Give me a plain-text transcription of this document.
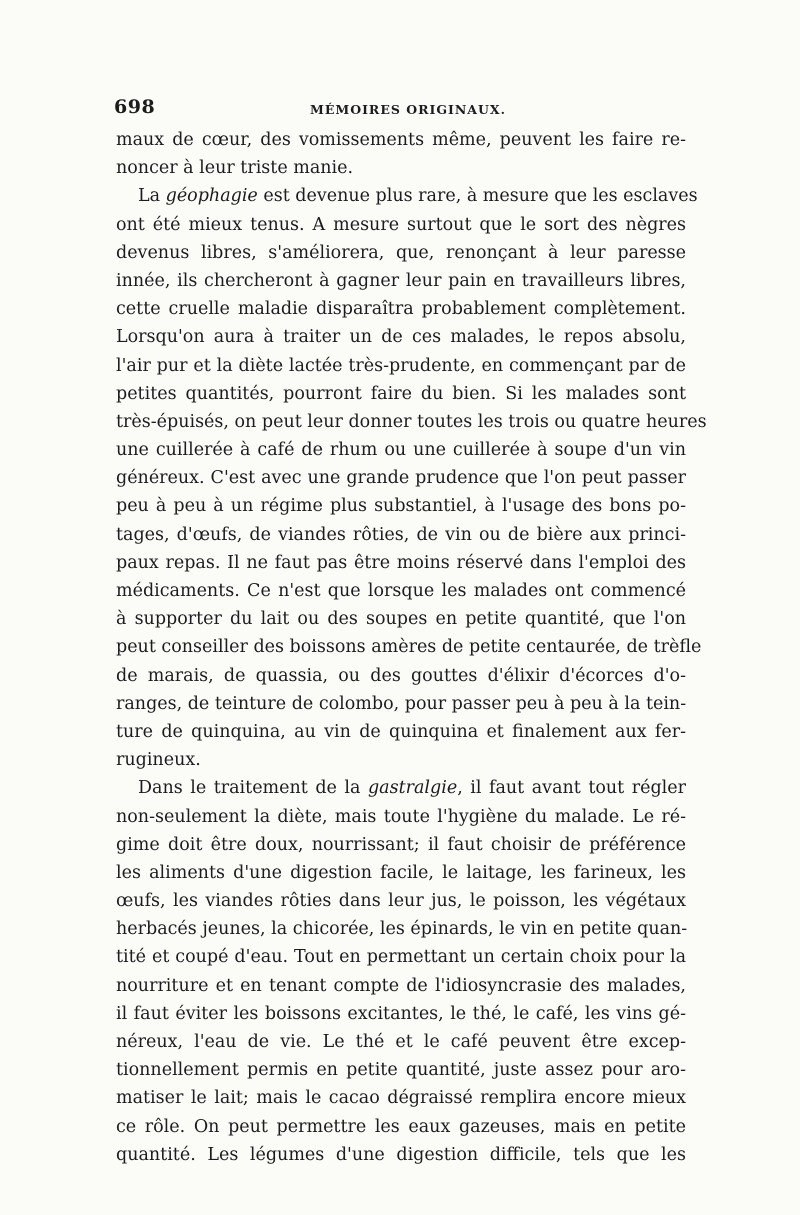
698	MÉMOIRES ORIGINAUX.
maux de cœur, des vomissements même, peuvent les faire re-
noncer à leur triste manie.
La géophagie est devenue plus rare, à mesure que les esclaves
ont été mieux tenus. A mesure surtout que le sort des nègres
devenus libres, s'améliorera, que, renonçant à leur paresse
innée, ils chercheront à gagner leur pain en travailleurs libres,
cette cruelle maladie disparaîtra probablement complètement.
Lorsqu'on aura à traiter un de ces malades, le repos absolu,
l'air pur et la diète lactée très-prudente, en commençant par de
petites quantités, pourront faire du bien. Si les malades sont
très-épuisés, on peut leur donner toutes les trois ou quatre heures
une cuillerée à café de rhum ou une cuillerée à soupe d'un vin
généreux. C'est avec une grande prudence que l'on peut passer
peu à peu à un régime plus substantiel, à l'usage des bons po-
tages, d'œufs, de viandes rôties, de vin ou de bière aux princi-
paux repas. Il ne faut pas être moins réservé dans l'emploi des
médicaments. Ce n'est que lorsque les malades ont commencé
à supporter du lait ou des soupes en petite quantité, que l'on
peut conseiller des boissons amères de petite centaurée, de trèfle
de marais, de quassia, ou des gouttes d'élixir d'écorces d'o-
ranges, de teinture de colombo, pour passer peu à peu à la tein-
ture de quinquina, au vin de quinquina et finalement aux fer-
rugineux.
Dans le traitement de la gastralgie, il faut avant tout régler
non-seulement la diète, mais toute l'hygiène du malade. Le ré-
gime doit être doux, nourrissant; il faut choisir de préférence
les aliments d'une digestion facile, le laitage, les farineux, les
œufs, les viandes rôties dans leur jus, le poisson, les végétaux
herbacés jeunes, la chicorée, les épinards, le vin en petite quan-
tité et coupé d'eau. Tout en permettant un certain choix pour la
nourriture et en tenant compte de l'idiosyncrasie des malades,
il faut éviter les boissons excitantes, le thé, le café, les vins gé-
néreux, l'eau de vie. Le thé et le café peuvent être excep-
tionnellement permis en petite quantité, juste assez pour aro-
matiser le lait; mais le cacao dégraissé remplira encore mieux
ce rôle. On peut permettre les eaux gazeuses, mais en petite
quantité. Les légumes d'une digestion difficile, tels que les
